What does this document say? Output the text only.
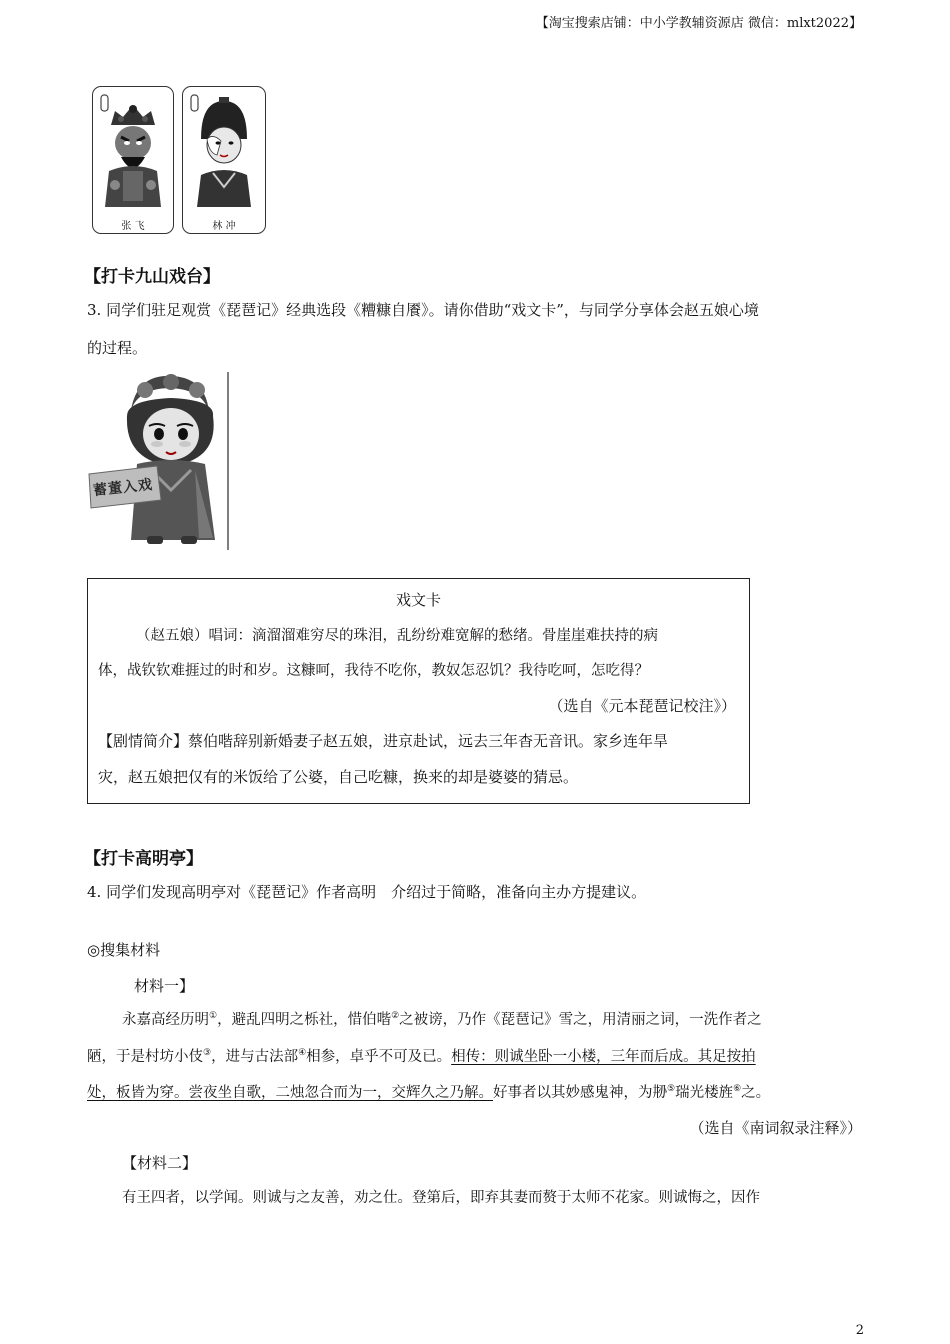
【淘宝搜索店铺：中小学教辅资源店 微信：mlxt2022】
张 飞	林 冲
【打卡九山戏台】
3. 同学们驻足观赏《琵琶记》经典选段《糟糠自餍》。请你借助“戏文卡”，与同学分享体会赵五娘心境
的过程。
蓄董入戏
戏文卡
（赵五娘）唱词：滴溜溜难穷尽的珠泪，乱纷纷难宽解的愁绪。骨崖崖难扶持的病
体，战钦钦难捱过的时和岁。这糠呵，我待不吃你，教奴怎忍饥？我待吃呵，怎吃得？
（选自《元本琵琶记校注》）
【剧情简介】蔡伯喈辞别新婚妻子赵五娘，进京赴试，远去三年杳无音讯。家乡连年旱
灾，赵五娘把仅有的米饭给了公婆，自己吃糠，换来的却是婆婆的猜忌。
【打卡高明亭】
4. 同学们发现高明亭对《琵琶记》作者高明　介绍过于简略，准备向主办方提建议。
◎搜集材料
材料一】
永嘉高经历明①，避乱四明之栎社，惜伯喈②之被谤，乃作《琵琶记》雪之，用清丽之词，一洗作者之
陋，于是村坊小伎③，进与古法部④相参，卓乎不可及已。相传：则诚坐卧一小楼，三年而后成。其足按拍
处，板皆为穿。尝夜坐自歌，二烛忽合而为一，交辉久之乃解。好事者以其妙感鬼神，为刱⑤瑞光楼旌⑥之。
（选自《南词叙录注释》）
【材料二】
有王四者，以学闻。则诚与之友善，劝之仕。登第后，即弃其妻而赘于太师不花家。则诚悔之，因作
2
